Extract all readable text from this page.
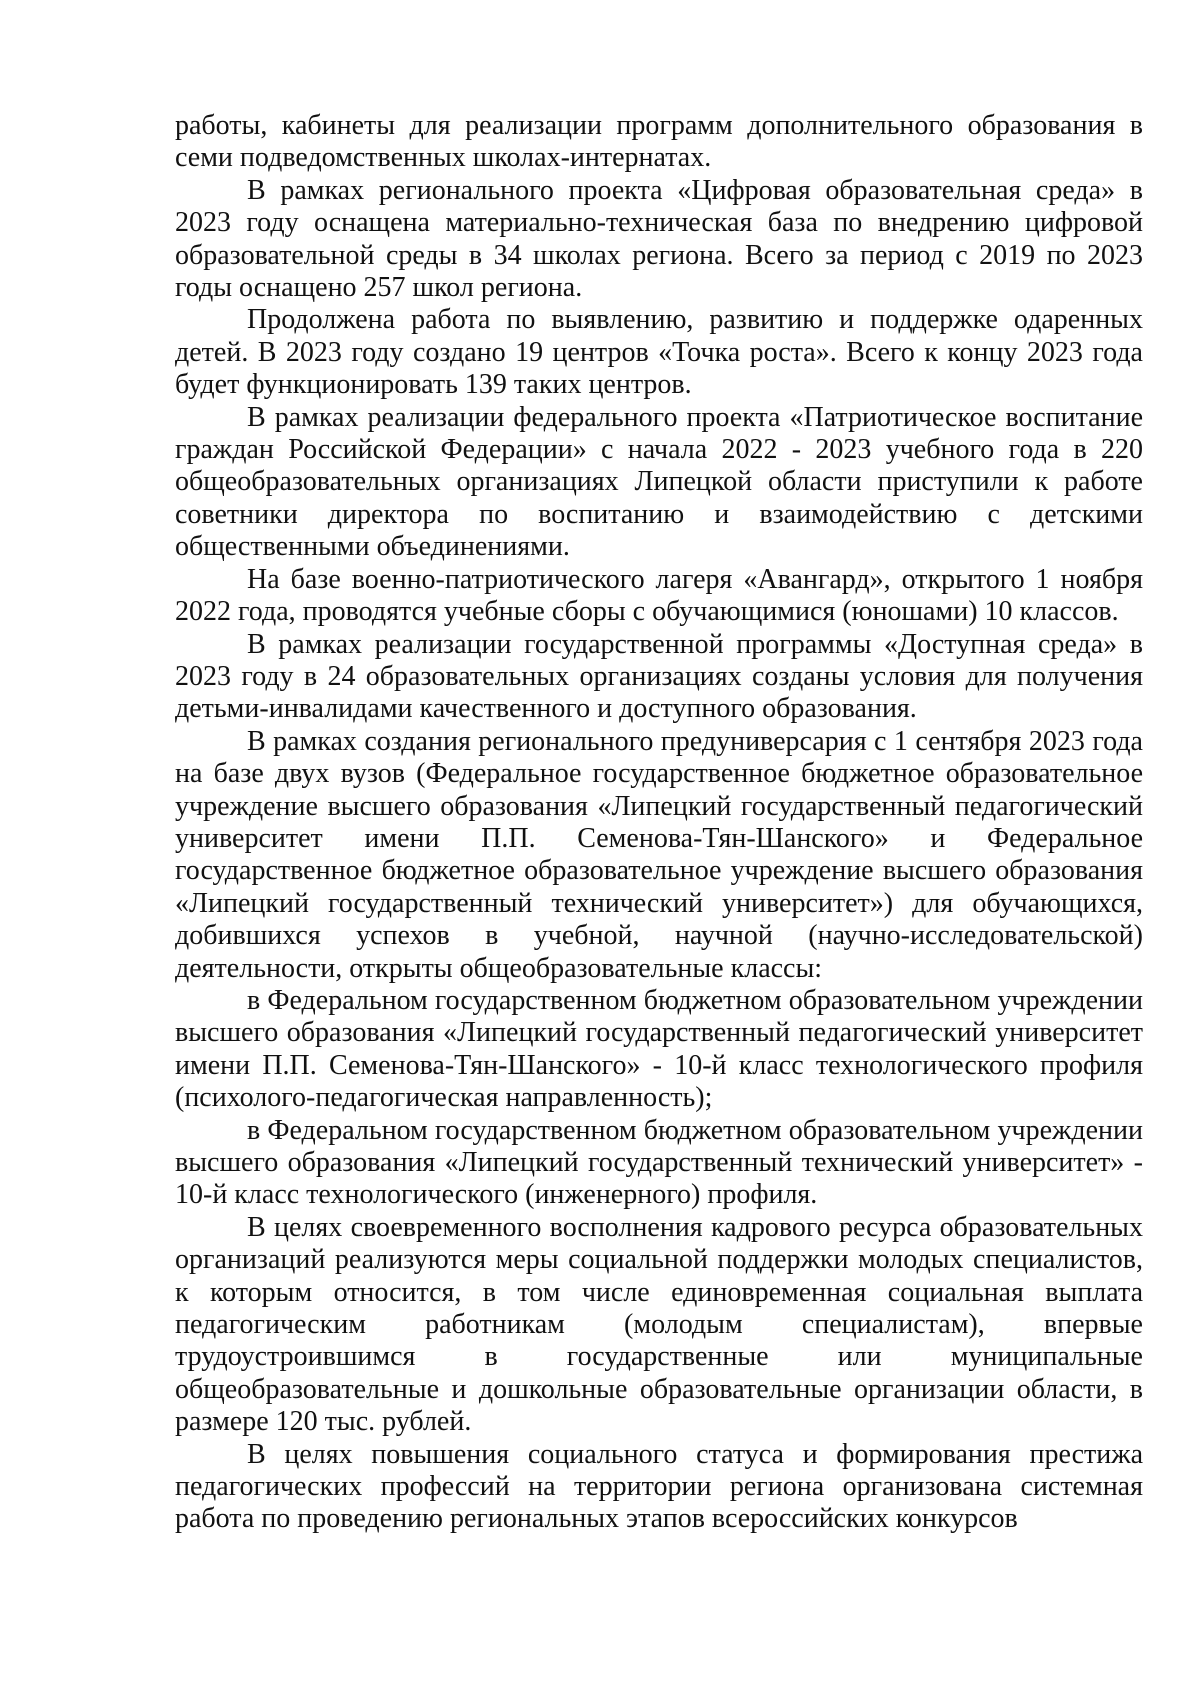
работы, кабинеты для реализации программ дополнительного образования в семи подведомственных школах-интернатах.

В рамках регионального проекта «Цифровая образовательная среда» в 2023 году оснащена материально-техническая база по внедрению цифровой образовательной среды в 34 школах региона. Всего за период с 2019 по 2023 годы оснащено 257 школ региона.

Продолжена работа по выявлению, развитию и поддержке одаренных детей. В 2023 году создано 19 центров «Точка роста». Всего к концу 2023 года будет функционировать 139 таких центров.

В рамках реализации федерального проекта «Патриотическое воспитание граждан Российской Федерации» с начала 2022 - 2023 учебного года в 220 общеобразовательных организациях Липецкой области приступили к работе советники директора по воспитанию и взаимодействию с детскими общественными объединениями.

На базе военно-патриотического лагеря «Авангард», открытого 1 ноября 2022 года, проводятся учебные сборы с обучающимися (юношами) 10 классов.

В рамках реализации государственной программы «Доступная среда» в 2023 году в 24 образовательных организациях созданы условия для получения детьми-инвалидами качественного и доступного образования.

В рамках создания регионального предуниверсария с 1 сентября 2023 года на базе двух вузов (Федеральное государственное бюджетное образовательное учреждение высшего образования «Липецкий государственный педагогический университет имени П.П. Семенова-Тян-Шанского» и Федеральное государственное бюджетное образовательное учреждение высшего образования «Липецкий государственный технический университет») для обучающихся, добившихся успехов в учебной, научной (научно-исследовательской) деятельности, открыты общеобразовательные классы:

в Федеральном государственном бюджетном образовательном учреждении высшего образования «Липецкий государственный педагогический университет имени П.П. Семенова-Тян-Шанского» - 10-й класс технологического профиля (психолого-педагогическая направленность);

в Федеральном государственном бюджетном образовательном учреждении высшего образования «Липецкий государственный технический университет» - 10-й класс технологического (инженерного) профиля.

В целях своевременного восполнения кадрового ресурса образовательных организаций реализуются меры социальной поддержки молодых специалистов, к которым относится, в том числе единовременная социальная выплата педагогическим работникам (молодым специалистам), впервые трудоустроившимся в государственные или муниципальные общеобразовательные и дошкольные образовательные организации области, в размере 120 тыс. рублей.

В целях повышения социального статуса и формирования престижа педагогических профессий на территории региона организована системная работа по проведению региональных этапов всероссийских конкурсов
